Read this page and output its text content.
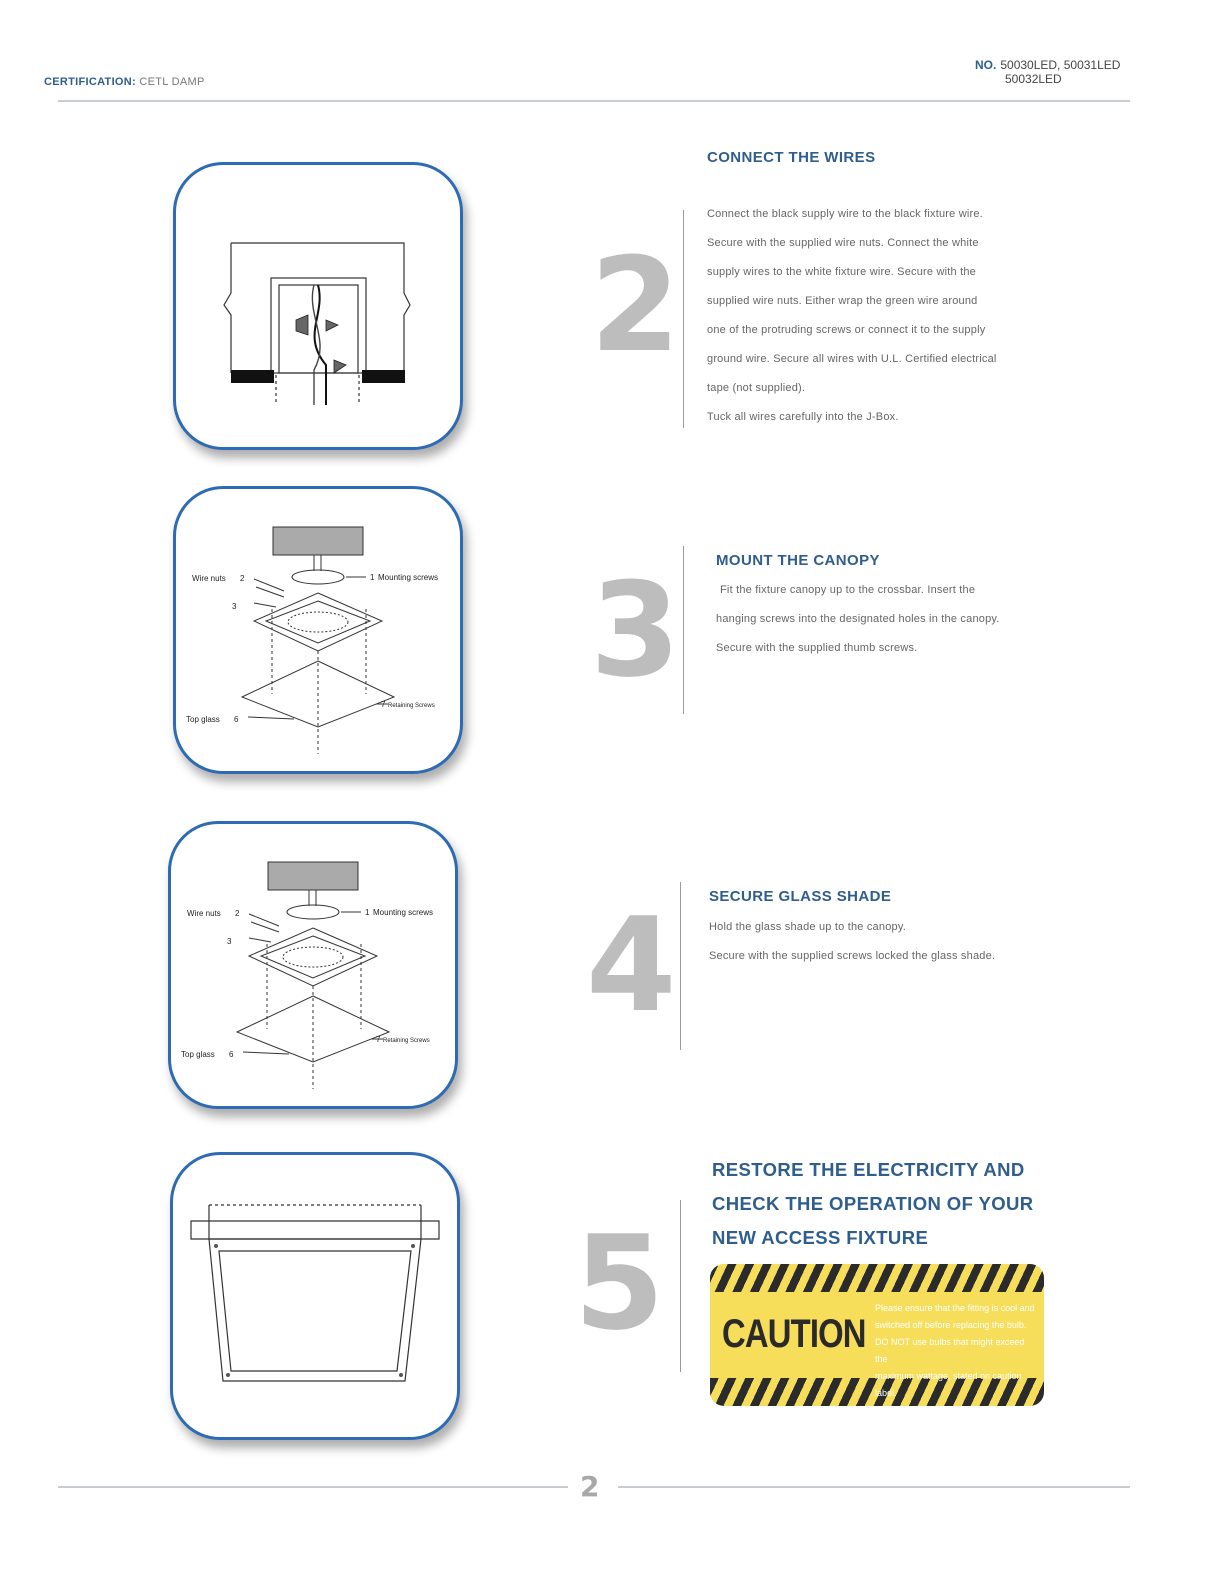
CERTIFICATION: CETL DAMP
NO. 50030LED, 50031LED
50032LED
2
CONNECT THE WIRES
Connect the black supply wire to the black fixture wire.
Secure with the supplied wire nuts. Connect the white
supply wires to the white fixture wire. Secure with the
supplied wire nuts. Either wrap the green wire around
one of the protruding screws or connect it to the supply
ground wire. Secure all wires with U.L. Certified electrical
tape (not supplied).
Tuck all wires carefully into the J-Box.
Wire nuts 2	1 Mounting screws
3
Top glass 6
7 Retaining Screws 3 MOUNT THE CANOPY
Fit the fixture canopy up to the crossbar. Insert the
hanging screws into the designated holes in the canopy.
Secure with the supplied thumb screws.
Wire nuts 2	1 Mounting screws
3
Top glass 6
7 Retaining Screws 4 SECURE GLASS SHADE
Hold the glass shade up to the canopy.
Secure with the supplied screws locked the glass shade.
5
RESTORE THE ELECTRICITY AND
CHECK THE OPERATION OF YOUR
NEW ACCESS FIXTURE
CAUTION
Please ensure that the fitting is cool and
switched off before replacing the bulb.
DO NOT use bulbs that might exceed the
maximum wattage, stated on caution label.
2
